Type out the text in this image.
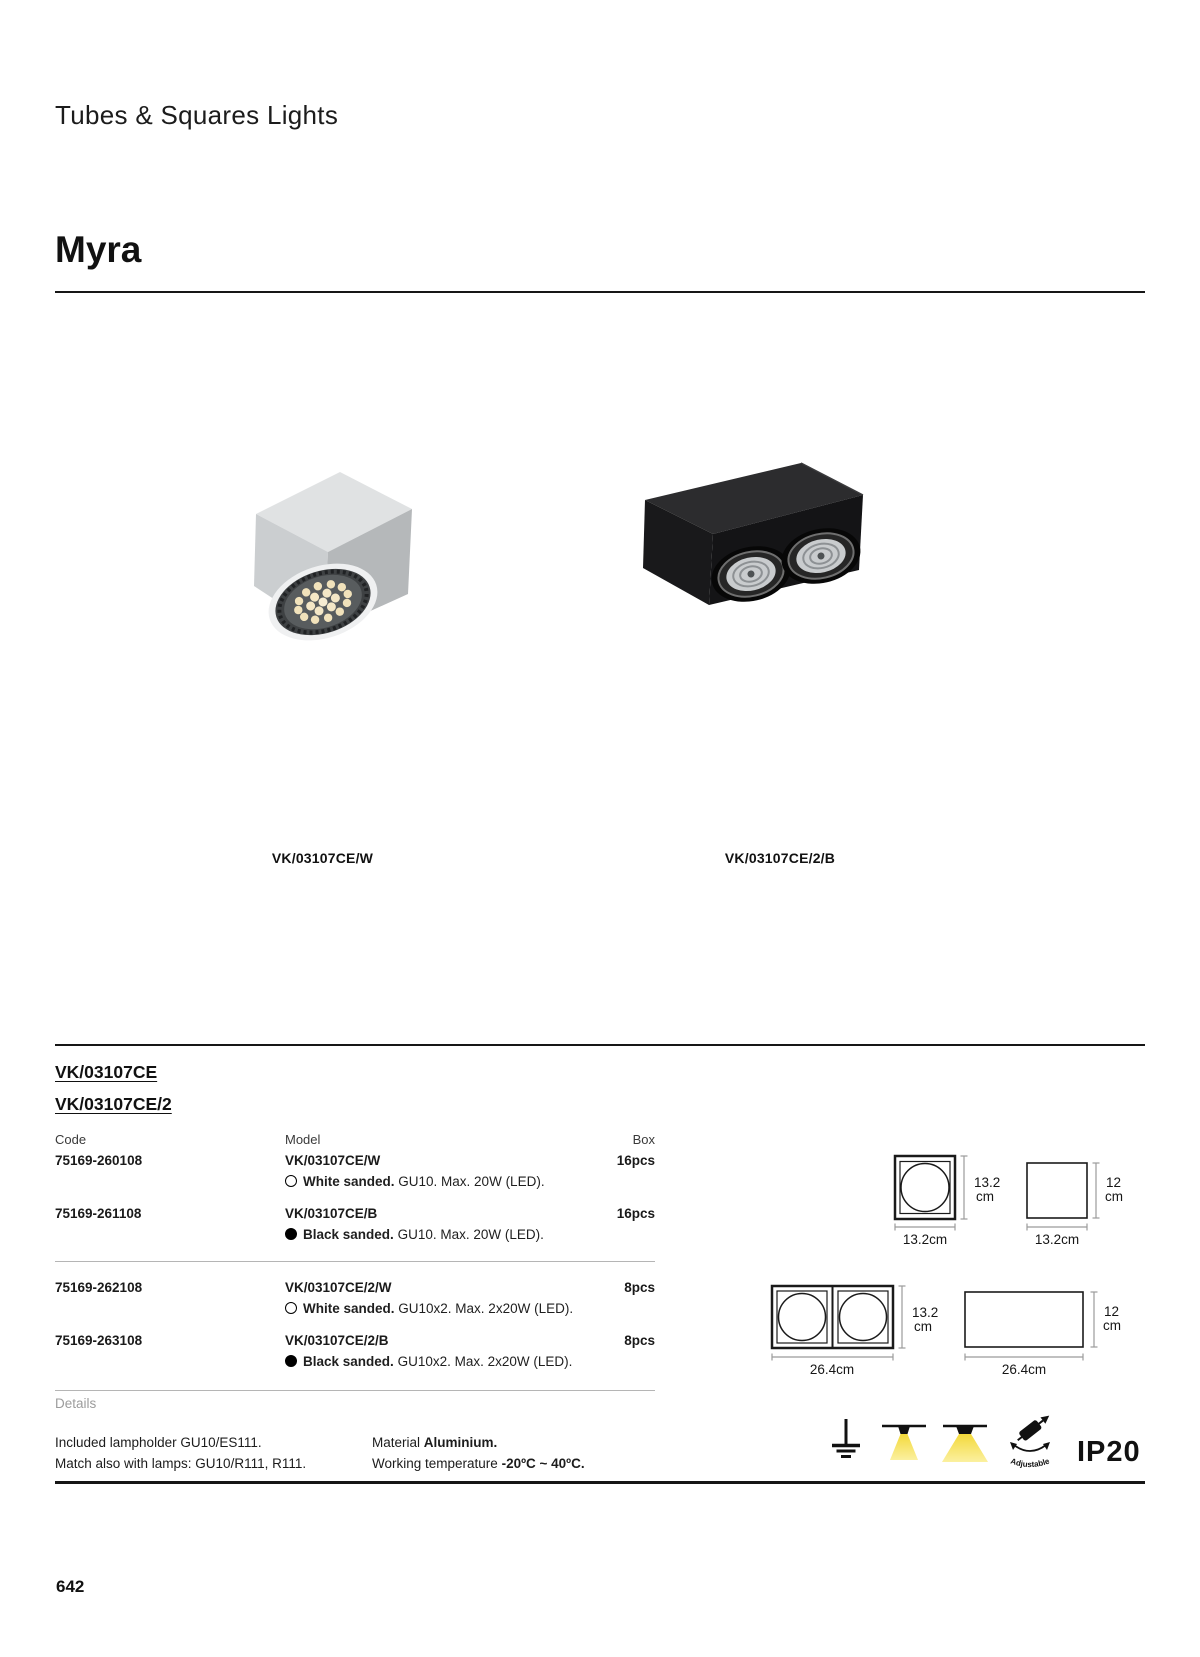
Tubes & Squares Lights
Myra
VK/03107CE/W	VK/03107CE/2/B
VK/03107CE
VK/03107CE/2
Code	Model	Box
75169-260108	VK/03107CE/W	16pcs
White sanded. GU10. Max. 20W (LED).
75169-261108	VK/03107CE/B	16pcs
Black sanded. GU10. Max. 20W (LED).
75169-262108	VK/03107CE/2/W	8pcs
White sanded. GU10x2. Max. 2x20W (LED).
75169-263108	VK/03107CE/2/B	8pcs
Black sanded. GU10x2. Max. 2x20W (LED).
Details
Included lampholder GU10/ES111.
Match also with lamps: GU10/R111, R111.
Material Aluminium.
Working temperature -20ºC ~ 40ºC.
13.2
cm
13.2cm
12
cm
13.2cm
13.2
cm
26.4cm
12
cm
26.4cm
Adjustable IP20
642
